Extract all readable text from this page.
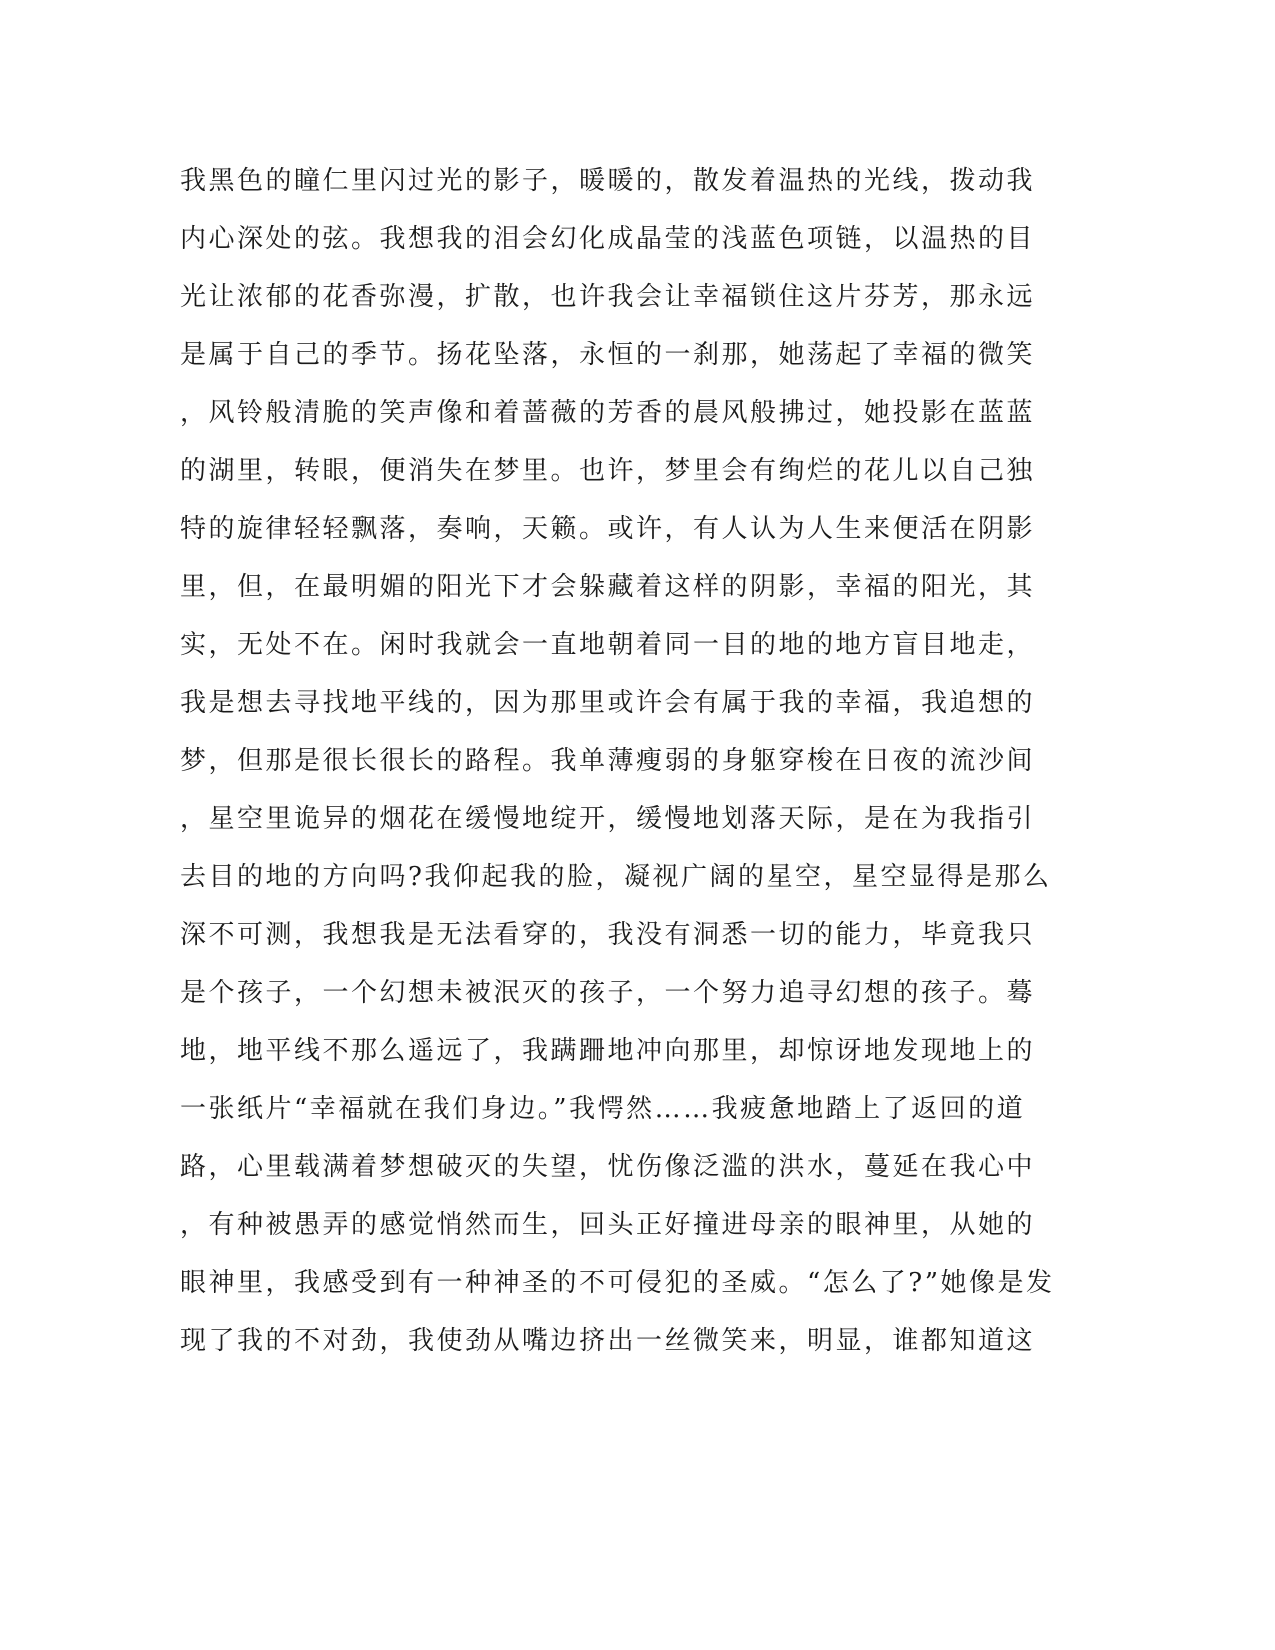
我黑色的瞳仁里闪过光的影子，暖暖的，散发着温热的光线，拨动我
内心深处的弦。我想我的泪会幻化成晶莹的浅蓝色项链，以温热的目
光让浓郁的花香弥漫，扩散，也许我会让幸福锁住这片芬芳，那永远
是属于自己的季节。扬花坠落，永恒的一刹那，她荡起了幸福的微笑
，风铃般清脆的笑声像和着蔷薇的芳香的晨风般拂过，她投影在蓝蓝
的湖里，转眼，便消失在梦里。也许，梦里会有绚烂的花儿以自己独
特的旋律轻轻飘落，奏响，天籁。或许，有人认为人生来便活在阴影
里，但，在最明媚的阳光下才会躲藏着这样的阴影，幸福的阳光，其
实，无处不在。闲时我就会一直地朝着同一目的地的地方盲目地走，
我是想去寻找地平线的，因为那里或许会有属于我的幸福，我追想的
梦，但那是很长很长的路程。我单薄瘦弱的身躯穿梭在日夜的流沙间
，星空里诡异的烟花在缓慢地绽开，缓慢地划落天际，是在为我指引
去目的地的方向吗?我仰起我的脸，凝视广阔的星空，星空显得是那么
深不可测，我想我是无法看穿的，我没有洞悉一切的能力，毕竟我只
是个孩子，一个幻想未被泯灭的孩子，一个努力追寻幻想的孩子。蓦
地，地平线不那么遥远了，我蹒跚地冲向那里，却惊讶地发现地上的
一张纸片“幸福就在我们身边。”我愕然……我疲惫地踏上了返回的道
路，心里载满着梦想破灭的失望，忧伤像泛滥的洪水，蔓延在我心中
，有种被愚弄的感觉悄然而生，回头正好撞进母亲的眼神里，从她的
眼神里，我感受到有一种神圣的不可侵犯的圣威。“怎么了?”她像是发
现了我的不对劲，我使劲从嘴边挤出一丝微笑来，明显，谁都知道这
